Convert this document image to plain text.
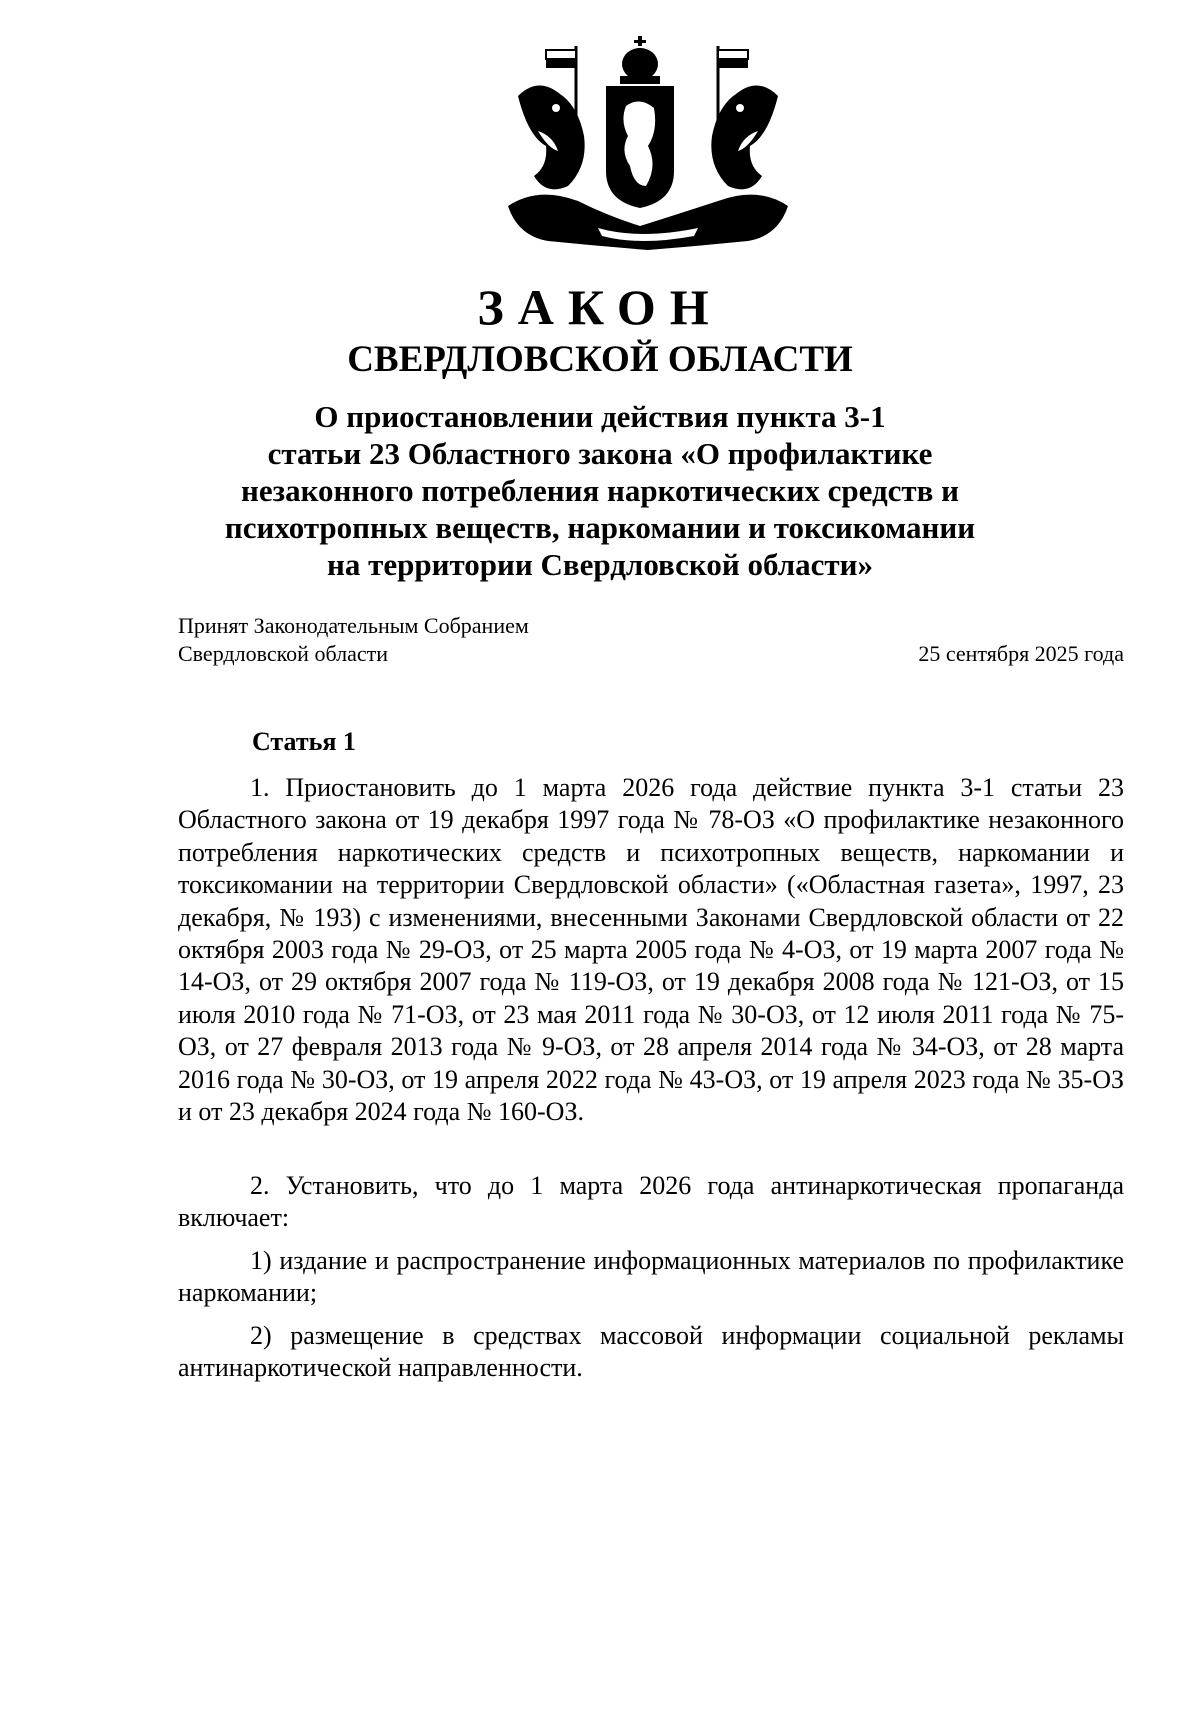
ЗАКОН
СВЕРДЛОВСКОЙ ОБЛАСТИ
О приостановлении действия пункта 3-1
статьи 23 Областного закона «О профилактике
незаконного потребления наркотических средств и
психотропных веществ, наркомании и токсикомании
на территории Свердловской области»
Принят Законодательным Собранием
Свердловской области	25 сентября 2025 года
Статья 1

1. Приостановить до 1 марта 2026 года действие пункта 3-1 статьи 23 Областного закона от 19 декабря 1997 года № 78-ОЗ «О профилактике незаконного потребления наркотических средств и психотропных веществ, наркомании и токсикомании на территории Свердловской области» («Областная газета», 1997, 23 декабря, № 193) с изменениями, внесенными Законами Свердловской области от 22 октября 2003 года № 29-ОЗ, от 25 марта 2005 года № 4-ОЗ, от 19 марта 2007 года № 14-ОЗ, от 29 октября 2007 года № 119-ОЗ, от 19 декабря 2008 года № 121-ОЗ, от 15 июля 2010 года № 71-ОЗ, от 23 мая 2011 года № 30-ОЗ, от 12 июля 2011 года № 75-ОЗ, от 27 февраля 2013 года № 9-ОЗ, от 28 апреля 2014 года № 34-ОЗ, от 28 марта 2016 года № 30-ОЗ, от 19 апреля 2022 года № 43-ОЗ, от 19 апреля 2023 года № 35-ОЗ и от 23 декабря 2024 года № 160-ОЗ.

2. Установить, что до 1 марта 2026 года антинаркотическая пропаганда включает:

1) издание и распространение информационных материалов по профилактике наркомании;

2) размещение в средствах массовой информации социальной рекламы антинаркотической направленности.
